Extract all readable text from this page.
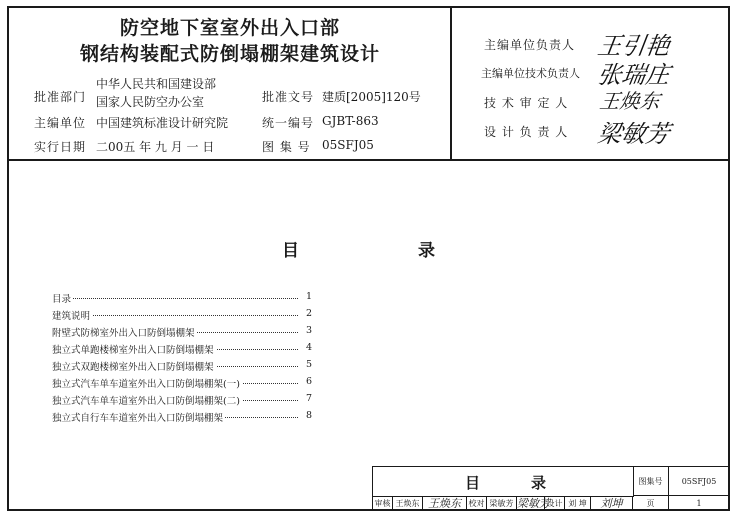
防空地下室室外出入口部
钢结构装配式防倒塌棚架建筑设计
批准部门
中华人民共和国建设部
国家人民防空办公室	批准文号 建质[2005]120号
主编单位 中国建筑标准设计研究院	统一编号 GJBT-863
实行日期 二00五 年 九 月 一 日	图 集 号 05SFJ05
主编单位负责人 王引艳
主编单位技术负责人 张瑞庄
技 术 审 定 人 王焕东
设 计 负 责 人 梁敏芳
目	录
目录	1
建筑说明	2
附壁式防梯室外出入口防倒塌棚架	3
独立式单跑楼梯室外出入口防倒塌棚架	4
独立式双跑楼梯室外出入口防倒塌棚架	5
独立式汽车单车道室外出入口防倒塌棚架(一)	6
独立式汽车单车道室外出入口防倒塌棚架(二)	7
独立式自行车车道室外出入口防倒塌棚架	8
目	录	图集号	05SFJ05
审核 王焕东 王焕东 校对 梁敏芳 梁敏芳
设计 刘 坤	刘坤	页	1
